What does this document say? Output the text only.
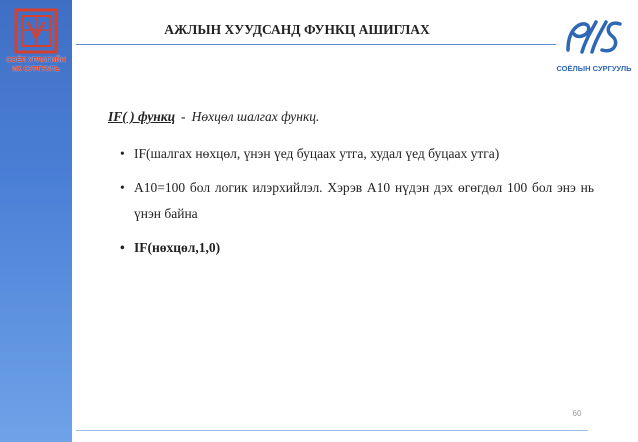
СОЁЛ УРЛАГИЙН
ИХ СУРГУУЛЬ
АЖЛЫН ХУУДСАНД ФУНКЦ АШИГЛАХ
СОЁЛЫН СУРГУУЛЬ
IF( ) функц - Нөхцөл шалгах функц.
• IF(шалгах нөхцөл, үнэн үед буцаах утга, худал үед буцаах утга)
• А10=100 бол логик илэрхийлэл. Хэрэв А10 нүдэн дэх өгөгдөл 100 бол энэ нь үнэн байна
• IF(нөхцөл,1,0)
60
